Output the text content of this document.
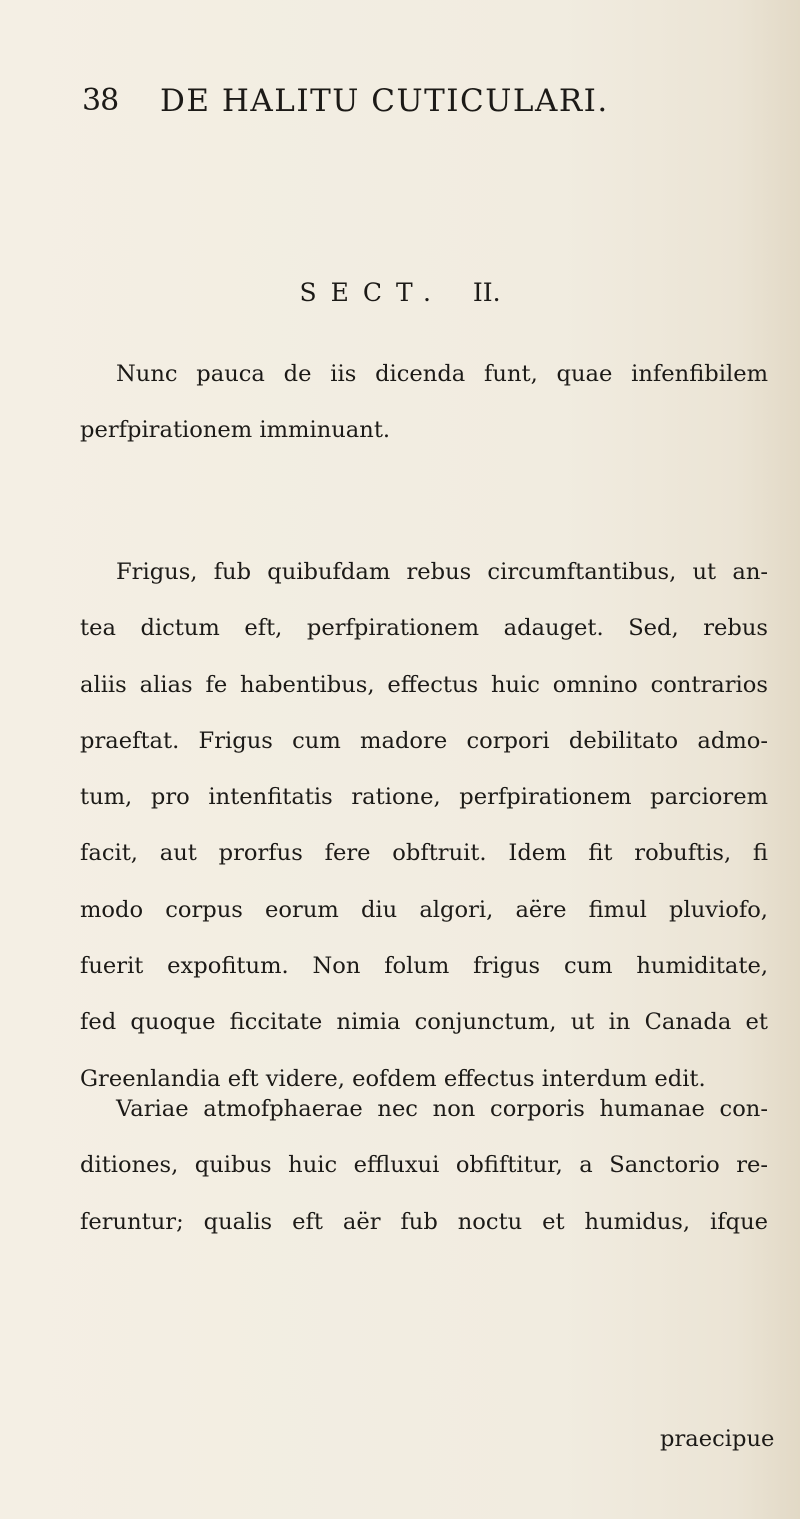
38 DE HALITU CUTICULARI.
SECT. II.
Nunc pauca de iis dicenda funt, quae infenfibilem
perfpirationem imminuant.
Frigus, fub quibufdam rebus circumftantibus, ut an-
tea dictum eft, perfpirationem adauget. Sed, rebus
aliis alias fe habentibus, effectus huic omnino contrarios
praeftat. Frigus cum madore corpori debilitato admo-
tum, pro intenfitatis ratione, perfpirationem parciorem
facit, aut prorfus fere obftruit. Idem fit robuftis, fi
modo corpus eorum diu algori, aëre fimul pluviofo,
fuerit expofitum. Non folum frigus cum humiditate,
fed quoque ficcitate nimia conjunctum, ut in Canada et
Greenlandia eft videre, eofdem effectus interdum edit.
Variae atmofphaerae nec non corporis humanae con-
ditiones, quibus huic effluxui obfiftitur, a Sanctorio re-
feruntur; qualis eft aër fub noctu et humidus, ifque
praecipue
